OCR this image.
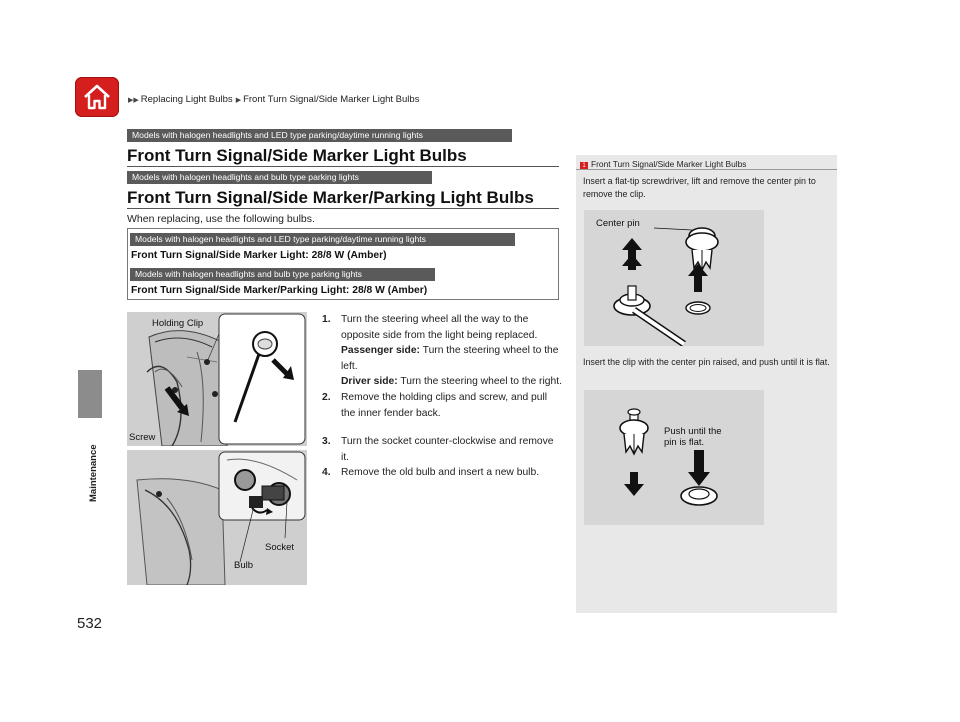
▶▶ Replacing Light Bulbs ▶ Front Turn Signal/Side Marker Light Bulbs
Maintenance
532
Models with halogen headlights and LED type parking/daytime running lights
Front Turn Signal/Side Marker Light Bulbs
Models with halogen headlights and bulb type parking lights
Front Turn Signal/Side Marker/Parking Light Bulbs
When replacing, use the following bulbs.
Models with halogen headlights and LED type parking/daytime running lights
Front Turn Signal/Side Marker Light: 28/8 W (Amber)
Models with halogen headlights and bulb type parking lights
Front Turn Signal/Side Marker/Parking Light: 28/8 W (Amber)
Holding Clip
Screw
Socket
Bulb
1. Turn the steering wheel all the way to the opposite side from the light being replaced.
Passenger side: Turn the steering wheel to the left.
Driver side: Turn the steering wheel to the right.
2. Remove the holding clips and screw, and pull the inner fender back.
3. Turn the socket counter-clockwise and remove it.
4. Remove the old bulb and insert a new bulb.
1 Front Turn Signal/Side Marker Light Bulbs
Insert a flat-tip screwdriver, lift and remove the center pin to remove the clip.
Center pin
Insert the clip with the center pin raised, and push until it is flat.
Push until the
pin is flat.
